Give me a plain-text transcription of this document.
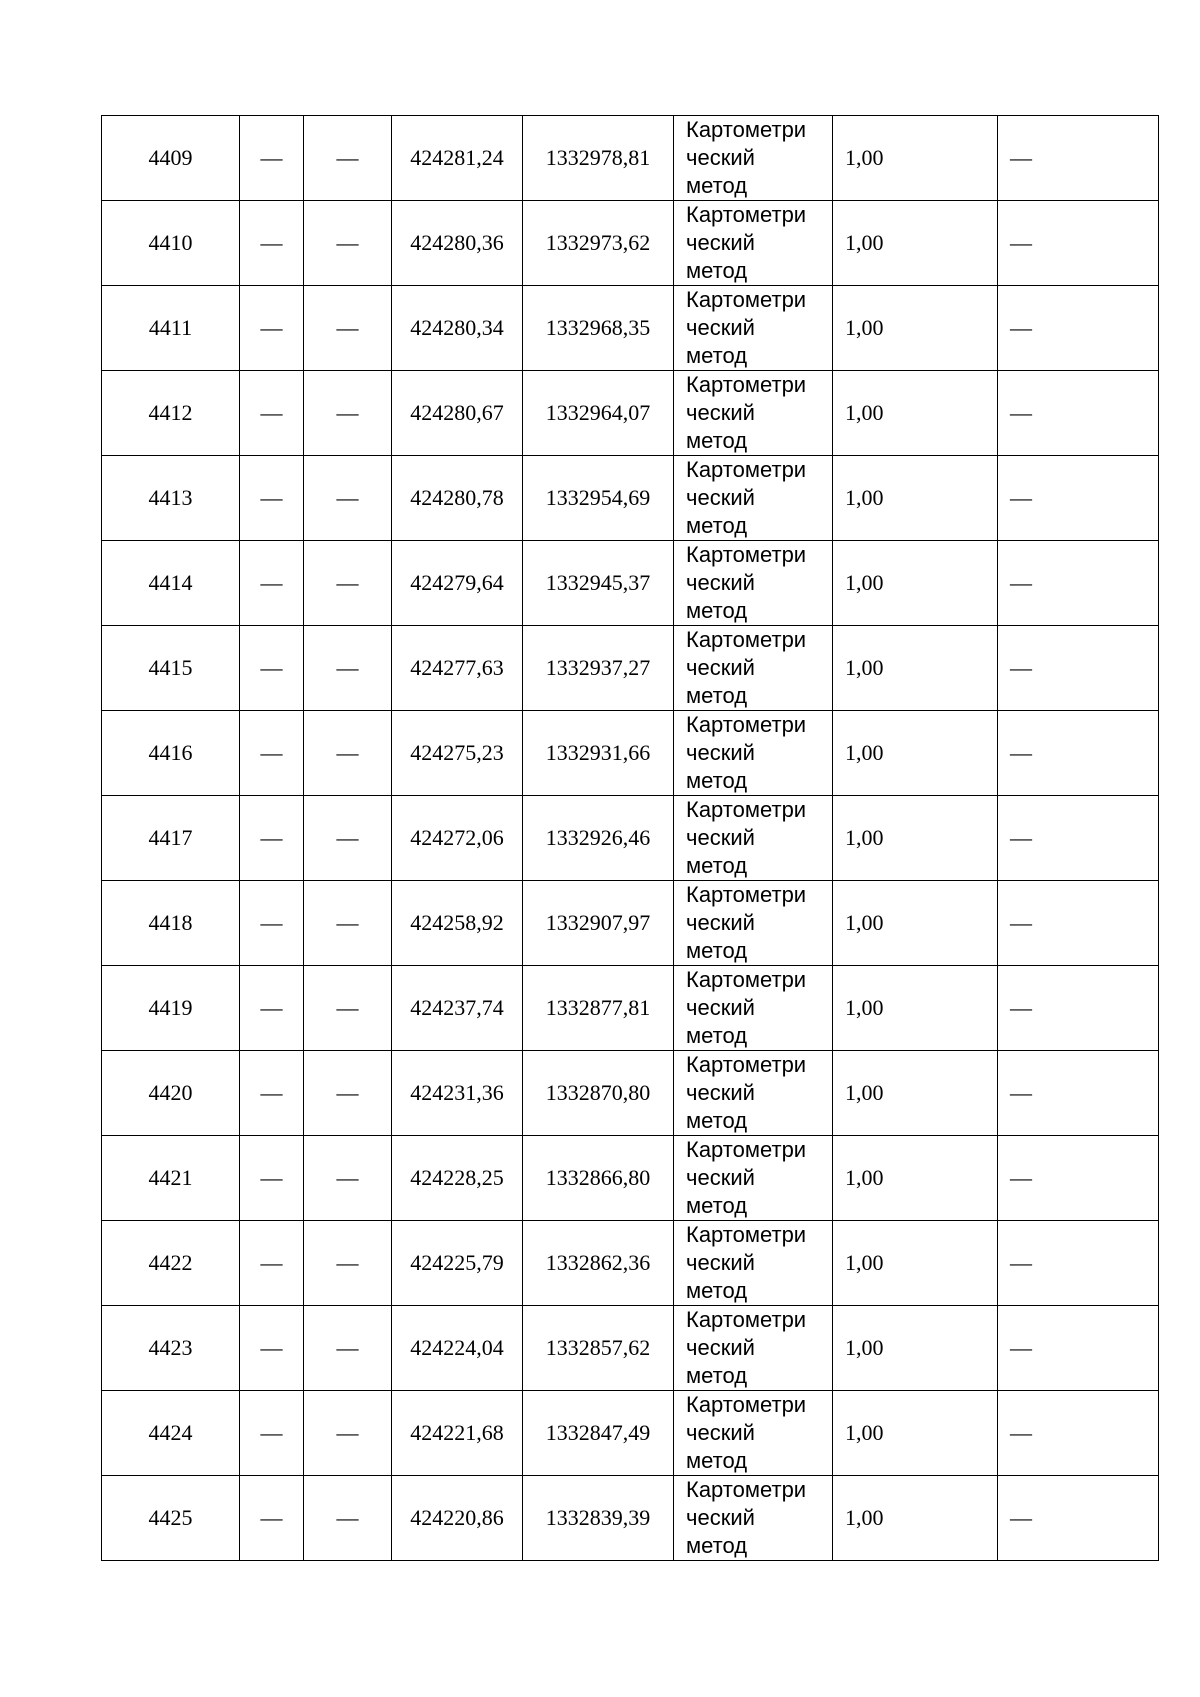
4409	—	—	424281,24	1332978,81	Картометри
ческий
метод	1,00	—
4410	—	—	424280,36	1332973,62	Картометри
ческий
метод	1,00	—
4411	—	—	424280,34	1332968,35	Картометри
ческий
метод	1,00	—
4412	—	—	424280,67	1332964,07	Картометри
ческий
метод	1,00	—
4413	—	—	424280,78	1332954,69	Картометри
ческий
метод	1,00	—
4414	—	—	424279,64	1332945,37	Картометри
ческий
метод	1,00	—
4415	—	—	424277,63	1332937,27	Картометри
ческий
метод	1,00	—
4416	—	—	424275,23	1332931,66	Картометри
ческий
метод	1,00	—
4417	—	—	424272,06	1332926,46	Картометри
ческий
метод	1,00	—
4418	—	—	424258,92	1332907,97	Картометри
ческий
метод	1,00	—
4419	—	—	424237,74	1332877,81	Картометри
ческий
метод	1,00	—
4420	—	—	424231,36	1332870,80	Картометри
ческий
метод	1,00	—
4421	—	—	424228,25	1332866,80	Картометри
ческий
метод	1,00	—
4422	—	—	424225,79	1332862,36	Картометри
ческий
метод	1,00	—
4423	—	—	424224,04	1332857,62	Картометри
ческий
метод	1,00	—
4424	—	—	424221,68	1332847,49	Картометри
ческий
метод	1,00	—
4425	—	—	424220,86	1332839,39	Картометри
ческий
метод	1,00	—
